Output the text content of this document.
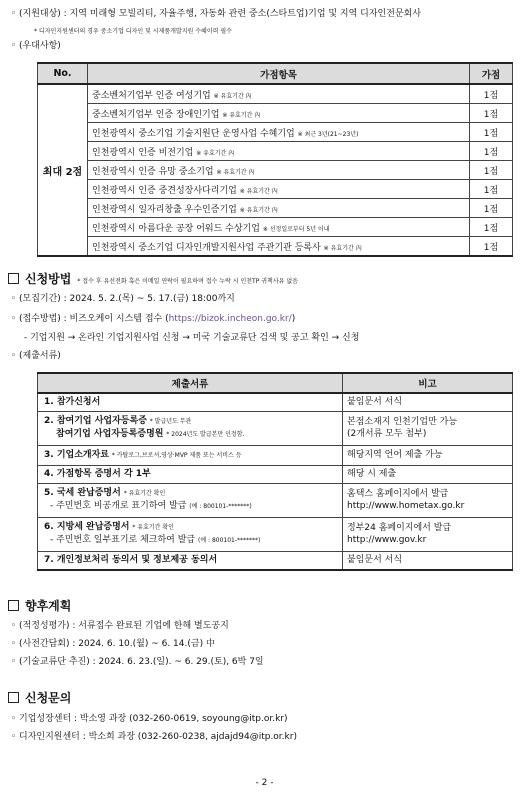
◦ (지원대상) : 지역 미래형 모빌리티, 자율주행, 자동화 관련 중소(스타트업)기업 및 지역 디자인전문회사
* 디자인지원센터의 경우 중소기업 디자인 및 시제품개발지원 수혜이력 필수
◦ (우대사항)
No.	가점항목	가점
최대 2점	중소벤처기업부 인증 여성기업 ※ 유효기간 內	1점
	중소벤처기업부 인증 장애인기업 ※ 유효기간 內	1점
	인천광역시 중소기업 기술지원단 운영사업 수혜기업 ※ 최근 3년(21~23년)	1점
	인천광역시 인증 비전기업 ※ 유효기간 內	1점
	인천광역시 인증 유망 중소기업 ※ 유효기간 內	1점
	인천광역시 인증 중견성장사다리기업 ※ 유효기간 內	1점
	인천광역시 일자리창출 우수인증기업 ※ 유효기간 內	1점
	인천광역시 아름다운 공장 어워드 수상기업 ※ 선정일로부터 5년 이내	1점
	인천광역시 중소기업 디자인개발지원사업 주관기관 등록사 ※ 유효기간 內	1점
신청방법 * 접수 후 유선전화 혹은 이메일 연락이 필요하며 접수 누락 시 인천TP 귀책사유 없음
◦ (모집기간) : 2024. 5. 2.(목) ~ 5. 17.(금) 18:00까지
◦ (접수방법) : 비즈오케이 시스템 접수 (https://bizok.incheon.go.kr/)
- 기업지원 → 온라인 기업지원사업 신청 → 미국 기술교류단 검색 및 공고 확인 → 신청
◦ (제출서류)
제출서류	비고
1. 참가신청서	붙임문서 서식
2. 참여기업 사업자등록증 * 발급년도 무관
참여기업 사업자등록증명원 * 2024년도 발급본만 인정함.	본점소재지 인천기업만 가능
(2개서류 모두 첨부)
3. 기업소개자료 * 카탈로그,브로셔,영상·MVP 제품 또는 서비스 등	해당지역 언어 제출 가능
4. 가점항목 증명서 각 1부	해당 시 제출
5. 국세 완납증명서 * 유효기간 확인
- 주민번호 비공개로 표기하여 발급 (예 : 800101-*******)	홈택스 홈페이지에서 발급
http://www.hometax.go.kr
6. 지방세 완납증명서 * 유효기간 확인
- 주민번호 일부표기로 체크하여 발급 (예 : 800101-*******)	정부24 홈페이지에서 발급
http://www.gov.kr
7. 개인정보처리 동의서 및 정보제공 동의서	붙임문서 서식
향후계획
◦ (적정성평가) : 서류접수 완료된 기업에 한해 별도공지
◦ (사전간담회) : 2024. 6. 10.(월) ~ 6. 14.(금) 中
◦ (기술교류단 추진) : 2024. 6. 23.(일). ~ 6. 29.(토), 6박 7일
신청문의
◦ 기업성장센터 : 박소영 과장 (032-260-0619, soyoung@itp.or.kr)
◦ 디자인지원센터 : 박소희 과장 (032-260-0238, ajdajd94@itp.or.kr)
- 2 -
